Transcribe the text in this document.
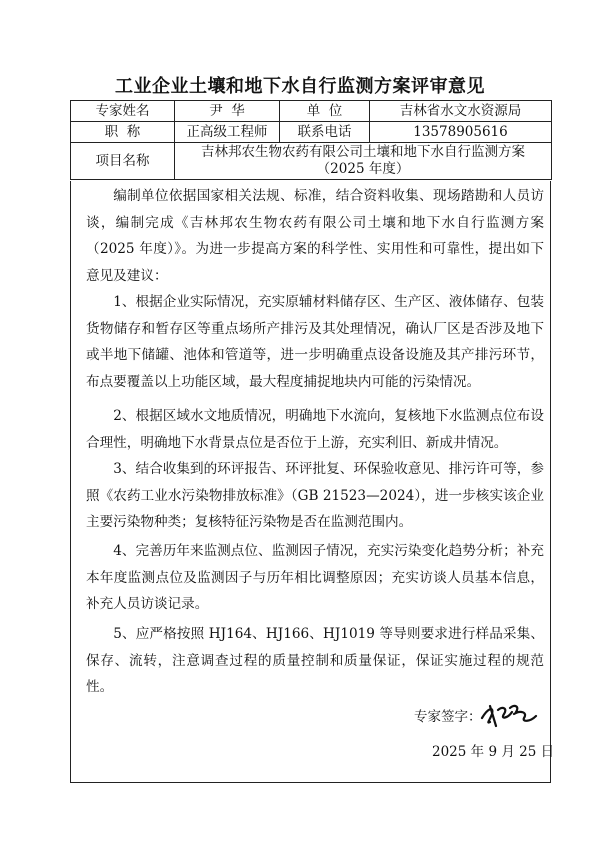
工业企业土壤和地下水自行监测方案评审意见
专家姓名	尹  华	单  位	吉林省水文水资源局
职  称	正高级工程师	联系电话	13578905616
项目名称	吉林邦农生物农药有限公司土壤和地下水自行监测方案
（2025 年度）		

编制单位依据国家相关法规、标准，结合资料收集、现场踏勘和人员访谈，编制完成《吉林邦农生物农药有限公司土壤和地下水自行监测方案（2025 年度）》。为进一步提高方案的科学性、实用性和可靠性，提出如下意见及建议：

1、根据企业实际情况，充实原辅材料储存区、生产区、液体储存、包装货物储存和暂存区等重点场所产排污及其处理情况，确认厂区是否涉及地下或半地下储罐、池体和管道等，进一步明确重点设备设施及其产排污环节，布点要覆盖以上功能区域，最大程度捕捉地块内可能的污染情况。

2、根据区域水文地质情况，明确地下水流向，复核地下水监测点位布设合理性，明确地下水背景点位是否位于上游，充实利旧、新成井情况。

3、结合收集到的环评报告、环评批复、环保验收意见、排污许可等，参照《农药工业水污染物排放标准》（GB 21523—2024），进一步核实该企业主要污染物种类；复核特征污染物是否在监测范围内。

4、完善历年来监测点位、监测因子情况，充实污染变化趋势分析；补充本年度监测点位及监测因子与历年相比调整原因；充实访谈人员基本信息，补充人员访谈记录。

5、应严格按照 HJ164、HJ166、HJ1019 等导则要求进行样品采集、保存、流转，注意调查过程的质量控制和质量保证，保证实施过程的规范性。

专家签字：
2025 年 9 月 25 日
